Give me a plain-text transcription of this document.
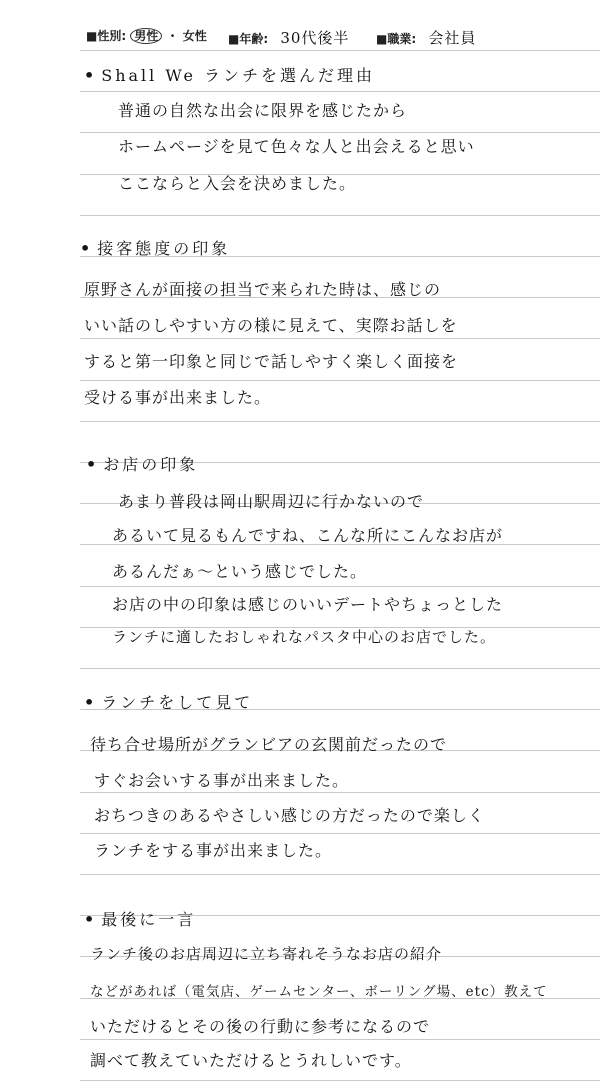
■性別: 男性 ・ 女性 ■年齢: 30代後半 ■職業: 会社員
• Shall We ランチを選んだ理由
普通の自然な出会に限界を感じたから
ホームページを見て色々な人と出会えると思い
ここならと入会を決めました。
• 接客態度の印象
原野さんが面接の担当で来られた時は、感じの
いい話のしやすい方の様に見えて、実際お話しを
すると第一印象と同じで話しやすく楽しく面接を
受ける事が出来ました。
• お店の印象
あまり普段は岡山駅周辺に行かないので
あるいて見るもんですね、こんな所にこんなお店が
あるんだぁ〜という感じでした。
お店の中の印象は感じのいいデートやちょっとした
ランチに適したおしゃれなパスタ中心のお店でした。
• ランチをして見て
待ち合せ場所がグランビアの玄関前だったので
すぐお会いする事が出来ました。
おちつきのあるやさしい感じの方だったので楽しく
ランチをする事が出来ました。
• 最後に一言
ランチ後のお店周辺に立ち寄れそうなお店の紹介
などがあれば（電気店、ゲームセンター、ボーリング場、etc）教えて
いただけるとその後の行動に参考になるので
調べて教えていただけるとうれしいです。
